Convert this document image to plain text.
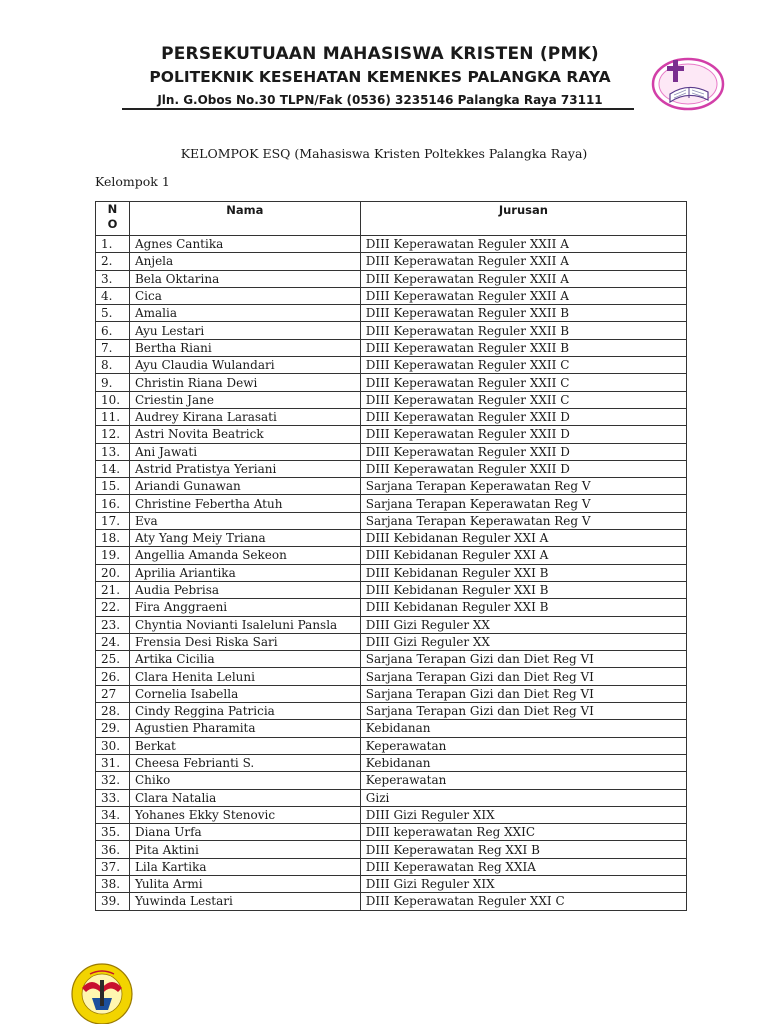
PERSEKUTUAAN MAHASISWA KRISTEN (PMK)
POLITEKNIK KESEHATAN KEMENKES PALANGKA RAYA
Jln. G.Obos No.30 TLPN/Fak (0536) 3235146 Palangka Raya 73111
KELOMPOK ESQ (Mahasiswa Kristen Poltekkes Palangka Raya)
Kelompok 1
N
O	Nama	Jurusan
1.	Agnes Cantika	DIII Keperawatan Reguler XXII A
2.	Anjela	DIII Keperawatan Reguler XXII A
3.	Bela Oktarina	DIII Keperawatan Reguler XXII A
4.	Cica	DIII Keperawatan Reguler XXII A
5.	Amalia	DIII Keperawatan Reguler XXII B
6.	Ayu Lestari	DIII Keperawatan Reguler XXII B
7.	Bertha Riani	DIII Keperawatan Reguler XXII B
8.	Ayu Claudia Wulandari	DIII Keperawatan Reguler XXII C
9.	Christin Riana Dewi	DIII Keperawatan Reguler XXII C
10.	Criestin Jane	DIII Keperawatan Reguler XXII C
11.	Audrey Kirana Larasati	DIII Keperawatan Reguler XXII D
12.	Astri Novita Beatrick	DIII Keperawatan Reguler XXII D
13.	Ani Jawati	DIII Keperawatan Reguler XXII D
14.	Astrid Pratistya Yeriani	DIII Keperawatan Reguler XXII D
15.	Ariandi Gunawan	Sarjana Terapan Keperawatan Reg V
16.	Christine Febertha Atuh	Sarjana Terapan Keperawatan Reg V
17.	Eva	Sarjana Terapan Keperawatan Reg V
18.	Aty Yang Meiy Triana	DIII Kebidanan Reguler XXI A
19.	Angellia Amanda Sekeon	DIII Kebidanan Reguler XXI A
20.	Aprilia Ariantika	DIII Kebidanan Reguler XXI B
21.	Audia Pebrisa	DIII Kebidanan Reguler XXI B
22.	Fira Anggraeni	DIII Kebidanan Reguler XXI B
23.	Chyntia Novianti Isaleluni Pansla	DIII Gizi Reguler XX
24.	Frensia Desi Riska Sari	DIII Gizi Reguler XX
25.	Artika Cicilia	Sarjana Terapan Gizi dan Diet Reg VI
26.	Clara Henita Leluni	Sarjana Terapan Gizi dan Diet Reg VI
27	Cornelia Isabella	Sarjana Terapan Gizi dan Diet Reg VI
28.	Cindy Reggina Patricia	Sarjana Terapan Gizi dan Diet Reg VI
29.	Agustien Pharamita	Kebidanan
30.	Berkat	Keperawatan
31.	Cheesa Febrianti S.	Kebidanan
32.	Chiko	Keperawatan
33.	Clara Natalia	Gizi
34.	Yohanes Ekky Stenovic	DIII Gizi Reguler XIX
35.	Diana Urfa	DIII keperawatan Reg XXIC
36.	Pita Aktini	DIII Keperawatan Reg XXI B
37.	Lila Kartika	DIII Keperawatan Reg XXIA
38.	Yulita Armi	DIII Gizi Reguler XIX
39.	Yuwinda Lestari	DIII Keperawatan Reguler XXI C
